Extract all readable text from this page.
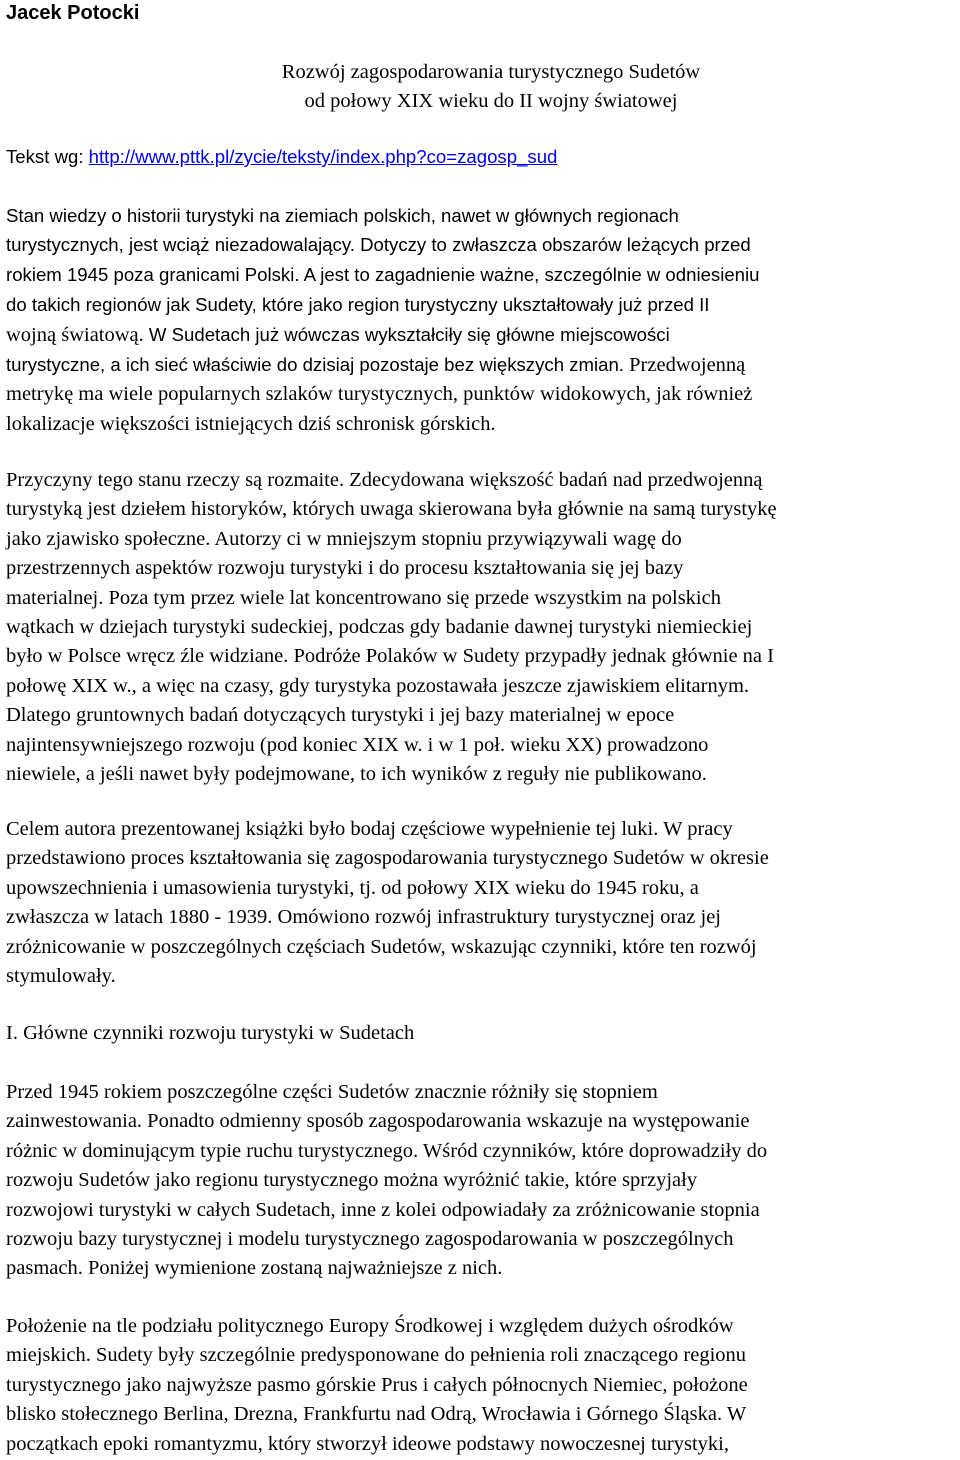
Jacek Potocki
Rozwój zagospodarowania turystycznego Sudetów
od połowy XIX wieku do II wojny światowej

Tekst wg: http://www.pttk.pl/zycie/teksty/index.php?co=zagosp_sud

Stan wiedzy o historii turystyki na ziemiach polskich, nawet w głównych regionach
turystycznych, jest wciąż niezadowalający. Dotyczy to zwłaszcza obszarów leżących przed
rokiem 1945 poza granicami Polski. A jest to zagadnienie ważne, szczególnie w odniesieniu
do takich regionów jak Sudety, które jako region turystyczny ukształtowały już przed II
wojną światową. W Sudetach już wówczas wykształciły się główne miejscowości
turystyczne, a ich sieć właściwie do dzisiaj pozostaje bez większych zmian. Przedwojenną
metrykę ma wiele popularnych szlaków turystycznych, punktów widokowych, jak również
lokalizacje większości istniejących dziś schronisk górskich.

Przyczyny tego stanu rzeczy są rozmaite. Zdecydowana większość badań nad przedwojenną
turystyką jest dziełem historyków, których uwaga skierowana była głównie na samą turystykę
jako zjawisko społeczne. Autorzy ci w mniejszym stopniu przywiązywali wagę do
przestrzennych aspektów rozwoju turystyki i do procesu kształtowania się jej bazy
materialnej. Poza tym przez wiele lat koncentrowano się przede wszystkim na polskich
wątkach w dziejach turystyki sudeckiej, podczas gdy badanie dawnej turystyki niemieckiej
było w Polsce wręcz źle widziane. Podróże Polaków w Sudety przypadły jednak głównie na I
połowę XIX w., a więc na czasy, gdy turystyka pozostawała jeszcze zjawiskiem elitarnym.
Dlatego gruntownych badań dotyczących turystyki i jej bazy materialnej w epoce
najintensywniejszego rozwoju (pod koniec XIX w. i w 1 poł. wieku XX) prowadzono
niewiele, a jeśli nawet były podejmowane, to ich wyników z reguły nie publikowano.

Celem autora prezentowanej książki było bodaj częściowe wypełnienie tej luki. W pracy
przedstawiono proces kształtowania się zagospodarowania turystycznego Sudetów w okresie
upowszechnienia i umasowienia turystyki, tj. od połowy XIX wieku do 1945 roku, a
zwłaszcza w latach 1880 - 1939. Omówiono rozwój infrastruktury turystycznej oraz jej
zróżnicowanie w poszczególnych częściach Sudetów, wskazując czynniki, które ten rozwój
stymulowały.

I. Główne czynniki rozwoju turystyki w Sudetach

Przed 1945 rokiem poszczególne części Sudetów znacznie różniły się stopniem
zainwestowania. Ponadto odmienny sposób zagospodarowania wskazuje na występowanie
różnic w dominującym typie ruchu turystycznego. Wśród czynników, które doprowadziły do
rozwoju Sudetów jako regionu turystycznego można wyróżnić takie, które sprzyjały
rozwojowi turystyki w całych Sudetach, inne z kolei odpowiadały za zróżnicowanie stopnia
rozwoju bazy turystycznej i modelu turystycznego zagospodarowania w poszczególnych
pasmach. Poniżej wymienione zostaną najważniejsze z nich.

Położenie na tle podziału politycznego Europy Środkowej i względem dużych ośrodków
miejskich. Sudety były szczególnie predysponowane do pełnienia roli znaczącego regionu
turystycznego jako najwyższe pasmo górskie Prus i całych północnych Niemiec, położone
blisko stołecznego Berlina, Drezna, Frankfurtu nad Odrą, Wrocławia i Górnego Śląska. W
początkach epoki romantyzmu, który stworzył ideowe podstawy nowoczesnej turystyki,
